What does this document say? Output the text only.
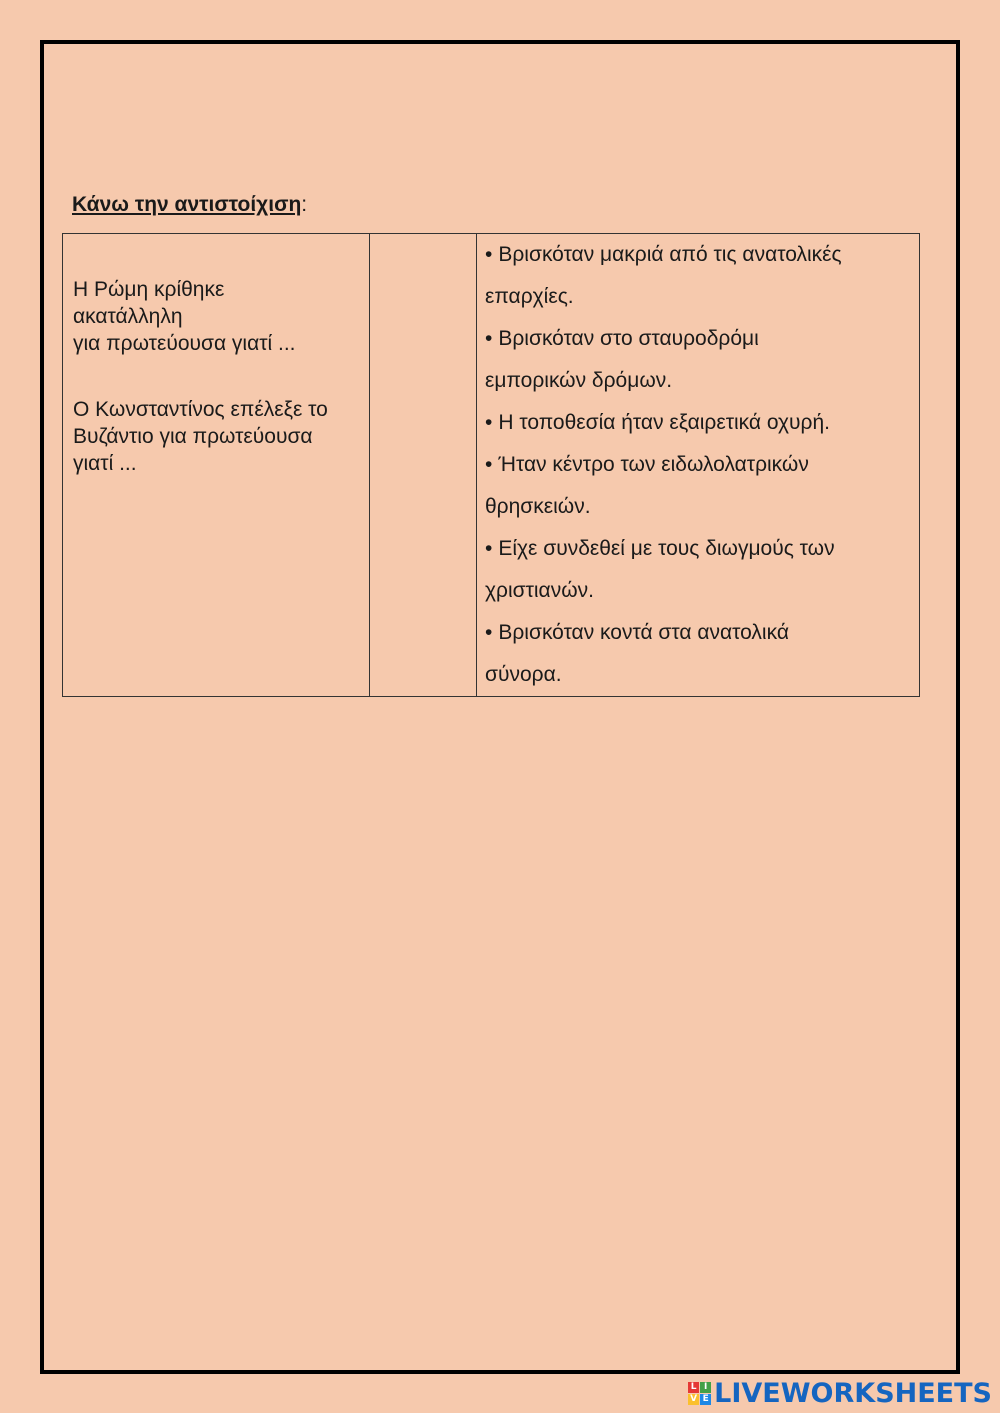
Κάνω την αντιστοίχιση:
Η Ρώμη κρίθηκε
ακατάλληλη
για πρωτεύουσα γιατί ...
Ο Κωνσταντίνος επέλεξε το
Βυζάντιο για πρωτεύουσα
γιατί ...

• Βρισκόταν μακριά από τις ανατολικές
επαρχίες.
• Βρισκόταν στο σταυροδρόμι
εμπορικών δρόμων.
• Η τοποθεσία ήταν εξαιρετικά οχυρή.
• Ήταν κέντρο των ειδωλολατρικών
θρησκειών.
• Είχε συνδεθεί με τους διωγμούς των
χριστιανών.
• Βρισκόταν κοντά στα ανατολικά
σύνορα.
L I
V E LIVEWORKSHEETS
